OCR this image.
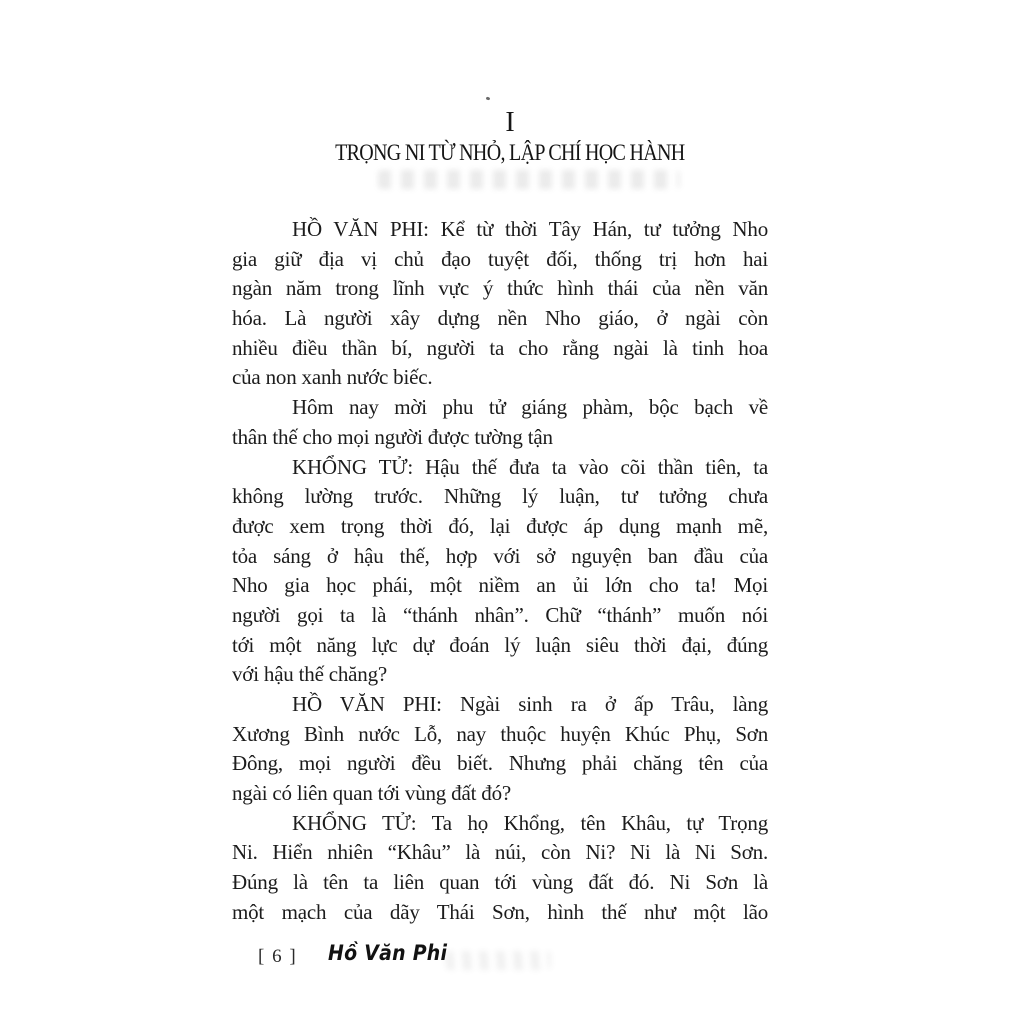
I
TRỌNG NI TỪ NHỎ, LẬP CHÍ HỌC HÀNH
HỒ VĂN PHI: Kể từ thời Tây Hán, tư tưởng Nho
gia giữ địa vị chủ đạo tuyệt đối, thống trị hơn hai
ngàn năm trong lĩnh vực ý thức hình thái của nền văn
hóa. Là người xây dựng nền Nho giáo, ở ngài còn
nhiều điều thần bí, người ta cho rằng ngài là tinh hoa
của non xanh nước biếc.
Hôm nay mời phu tử giáng phàm, bộc bạch về
thân thế cho mọi người được tường tận
KHỔNG TỬ: Hậu thế đưa ta vào cõi thần tiên, ta
không lường trước. Những lý luận, tư tưởng chưa
được xem trọng thời đó, lại được áp dụng mạnh mẽ,
tỏa sáng ở hậu thế, hợp với sở nguyện ban đầu của
Nho gia học phái, một niềm an ủi lớn cho ta! Mọi
người gọi ta là “thánh nhân”. Chữ “thánh” muốn nói
tới một năng lực dự đoán lý luận siêu thời đại, đúng
với hậu thế chăng?
HỒ VĂN PHI: Ngài sinh ra ở ấp Trâu, làng
Xương Bình nước Lỗ, nay thuộc huyện Khúc Phụ, Sơn
Đông, mọi người đều biết. Nhưng phải chăng tên của
ngài có liên quan tới vùng đất đó?
KHỔNG TỬ: Ta họ Khổng, tên Khâu, tự Trọng
Ni. Hiển nhiên “Khâu” là núi, còn Ni? Ni là Ni Sơn.
Đúng là tên ta liên quan tới vùng đất đó. Ni Sơn là
một mạch của dãy Thái Sơn, hình thế như một lão
[ 6 ] Hồ Văn Phi
